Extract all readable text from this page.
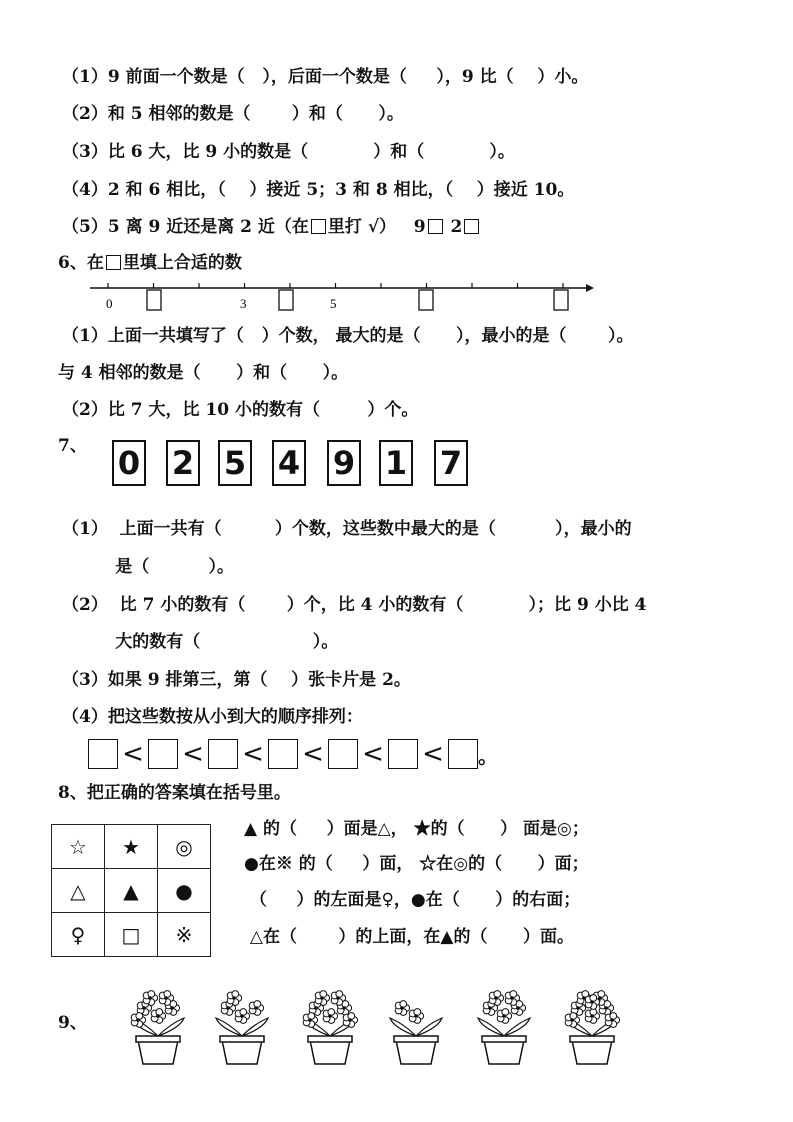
（1）9 前面一个数是（   ），后面一个数是（     ），9 比（    ）小。
（2）和 5 相邻的数是（       ）和（      ）。
（3）比 6 大，比 9 小的数是（           ）和（           ）。
（4）2 和 6 相比，（    ）接近 5；3 和 8 相比，（    ）接近 10。
（5）5 离 9 近还是离 2 近（在 里打 √）   9 2
6、在 里填上合适的数
0	3	5
（1）上面一共填写了（   ）个数， 最大的是（      ），最小的是（       ）。
与 4 相邻的数是（      ）和（      ）。
（2）比 7 大，比 10 小的数有（        ）个。
7、 0 2 5 4 9 1 7
（1）  上面一共有（         ）个数，这些数中最大的是（          ），最小的
是（          ）。
（2）  比 7 小的数有（       ）个，比 4 小的数有（           ）；比 9 小比 4
大的数有（                   ）。
（3）如果 9 排第三，第（    ）张卡片是 2。
（4）把这些数按从小到大的顺序排列：
< < < < < < 。
8、把正确的答案填在括号里。
☆	★	◎
△	▲	●
♀	□	※
▲ 的（     ）面是△， ★的（      ） 面是◎；
●在※ 的（     ）面， ☆在◎的（      ）面；
（     ）的左面是♀，●在（      ）的右面；
△在（       ）的上面，在▲的（      ）面。
9、
